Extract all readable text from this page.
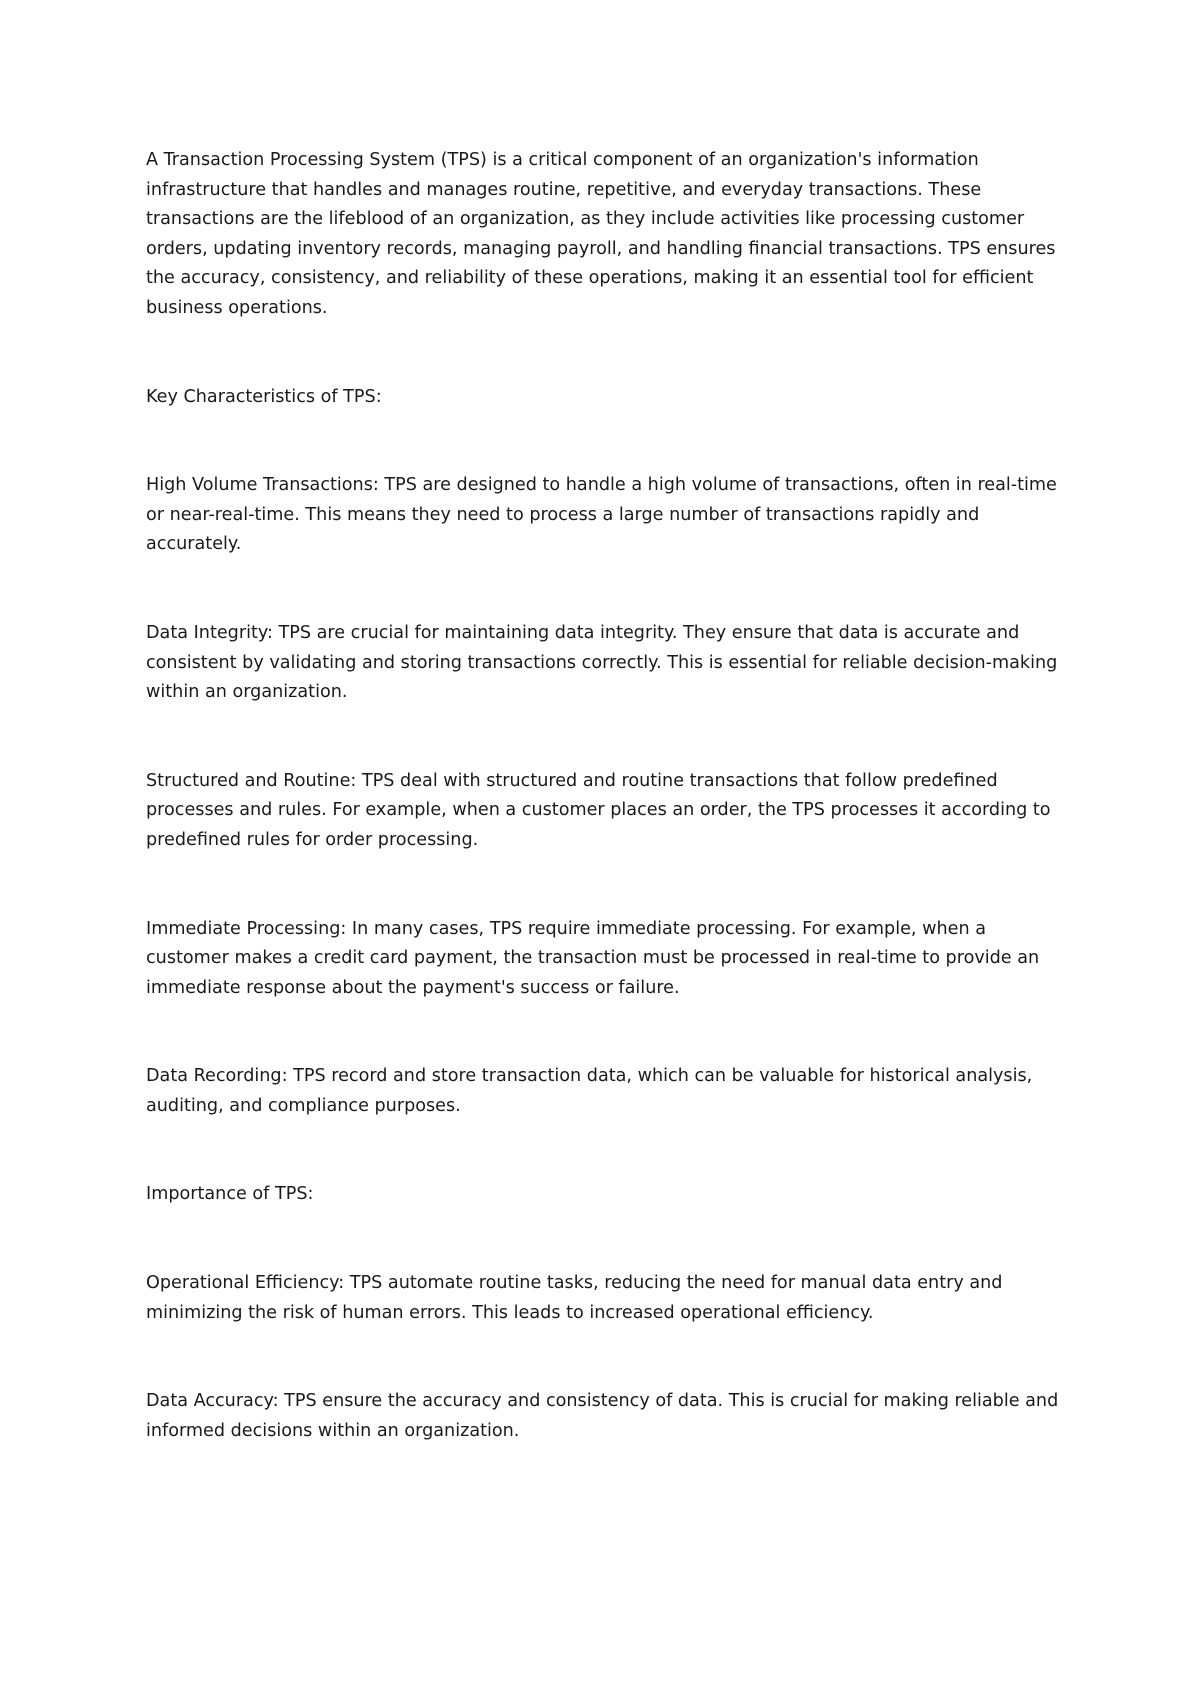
A Transaction Processing System (TPS) is a critical component of an organization's information infrastructure that handles and manages routine, repetitive, and everyday transactions. These transactions are the lifeblood of an organization, as they include activities like processing customer orders, updating inventory records, managing payroll, and handling financial transactions. TPS ensures the accuracy, consistency, and reliability of these operations, making it an essential tool for efficient business operations.

Key Characteristics of TPS:

High Volume Transactions: TPS are designed to handle a high volume of transactions, often in real-time or near-real-time. This means they need to process a large number of transactions rapidly and accurately.

Data Integrity: TPS are crucial for maintaining data integrity. They ensure that data is accurate and consistent by validating and storing transactions correctly. This is essential for reliable decision-making within an organization.

Structured and Routine: TPS deal with structured and routine transactions that follow predefined processes and rules. For example, when a customer places an order, the TPS processes it according to predefined rules for order processing.

Immediate Processing: In many cases, TPS require immediate processing. For example, when a customer makes a credit card payment, the transaction must be processed in real-time to provide an immediate response about the payment's success or failure.

Data Recording: TPS record and store transaction data, which can be valuable for historical analysis, auditing, and compliance purposes.

Importance of TPS:

Operational Efficiency: TPS automate routine tasks, reducing the need for manual data entry and minimizing the risk of human errors. This leads to increased operational efficiency.

Data Accuracy: TPS ensure the accuracy and consistency of data. This is crucial for making reliable and informed decisions within an organization.
